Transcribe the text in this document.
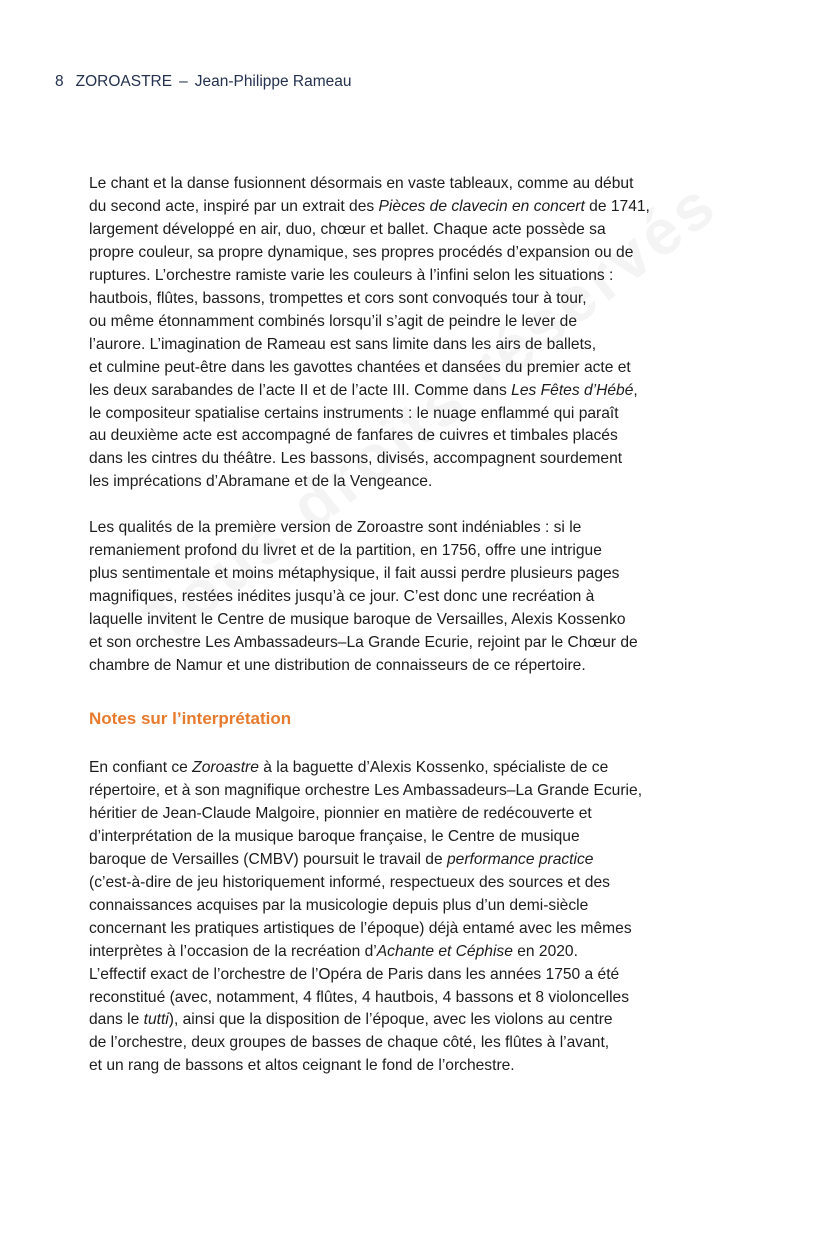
8 ZOROASTRE – Jean-Philippe Rameau
Le chant et la danse fusionnent désormais en vaste tableaux, comme au début
du second acte, inspiré par un extrait des Pièces de clavecin en concert de 1741,
largement développé en air, duo, chœur et ballet. Chaque acte possède sa
propre couleur, sa propre dynamique, ses propres procédés d’expansion ou de
ruptures. L’orchestre ramiste varie les couleurs à l’infini selon les situations :
hautbois, flûtes, bassons, trompettes et cors sont convoqués tour à tour,
ou même étonnamment combinés lorsqu’il s’agit de peindre le lever de
l’aurore. L’imagination de Rameau est sans limite dans les airs de ballets,
et culmine peut-être dans les gavottes chantées et dansées du premier acte et
les deux sarabandes de l’acte II et de l’acte III. Comme dans Les Fêtes d’Hébé,
le compositeur spatialise certains instruments : le nuage enflammé qui paraît
au deuxième acte est accompagné de fanfares de cuivres et timbales placés
dans les cintres du théâtre. Les bassons, divisés, accompagnent sourdement
les imprécations d’Abramane et de la Vengeance.
Les qualités de la première version de Zoroastre sont indéniables : si le
remaniement profond du livret et de la partition, en 1756, offre une intrigue
plus sentimentale et moins métaphysique, il fait aussi perdre plusieurs pages
magnifiques, restées inédites jusqu’à ce jour. C’est donc une recréation à
laquelle invitent le Centre de musique baroque de Versailles, Alexis Kossenko
et son orchestre Les Ambassadeurs–La Grande Ecurie, rejoint par le Chœur de
chambre de Namur et une distribution de connaisseurs de ce répertoire.
Notes sur l’interprétation
En confiant ce Zoroastre à la baguette d’Alexis Kossenko, spécialiste de ce
répertoire, et à son magnifique orchestre Les Ambassadeurs–La Grande Ecurie,
héritier de Jean-Claude Malgoire, pionnier en matière de redécouverte et
d’interprétation de la musique baroque française, le Centre de musique
baroque de Versailles (CMBV) poursuit le travail de performance practice
(c’est-à-dire de jeu historiquement informé, respectueux des sources et des
connaissances acquises par la musicologie depuis plus d’un demi-siècle
concernant les pratiques artistiques de l’époque) déjà entamé avec les mêmes
interprètes à l’occasion de la recréation d’Achante et Céphise en 2020.
L’effectif exact de l’orchestre de l’Opéra de Paris dans les années 1750 a été
reconstitué (avec, notamment, 4 flûtes, 4 hautbois, 4 bassons et 8 violoncelles
dans le tutti), ainsi que la disposition de l’époque, avec les violons au centre
de l’orchestre, deux groupes de basses de chaque côté, les flûtes à l’avant,
et un rang de bassons et altos ceignant le fond de l’orchestre.
